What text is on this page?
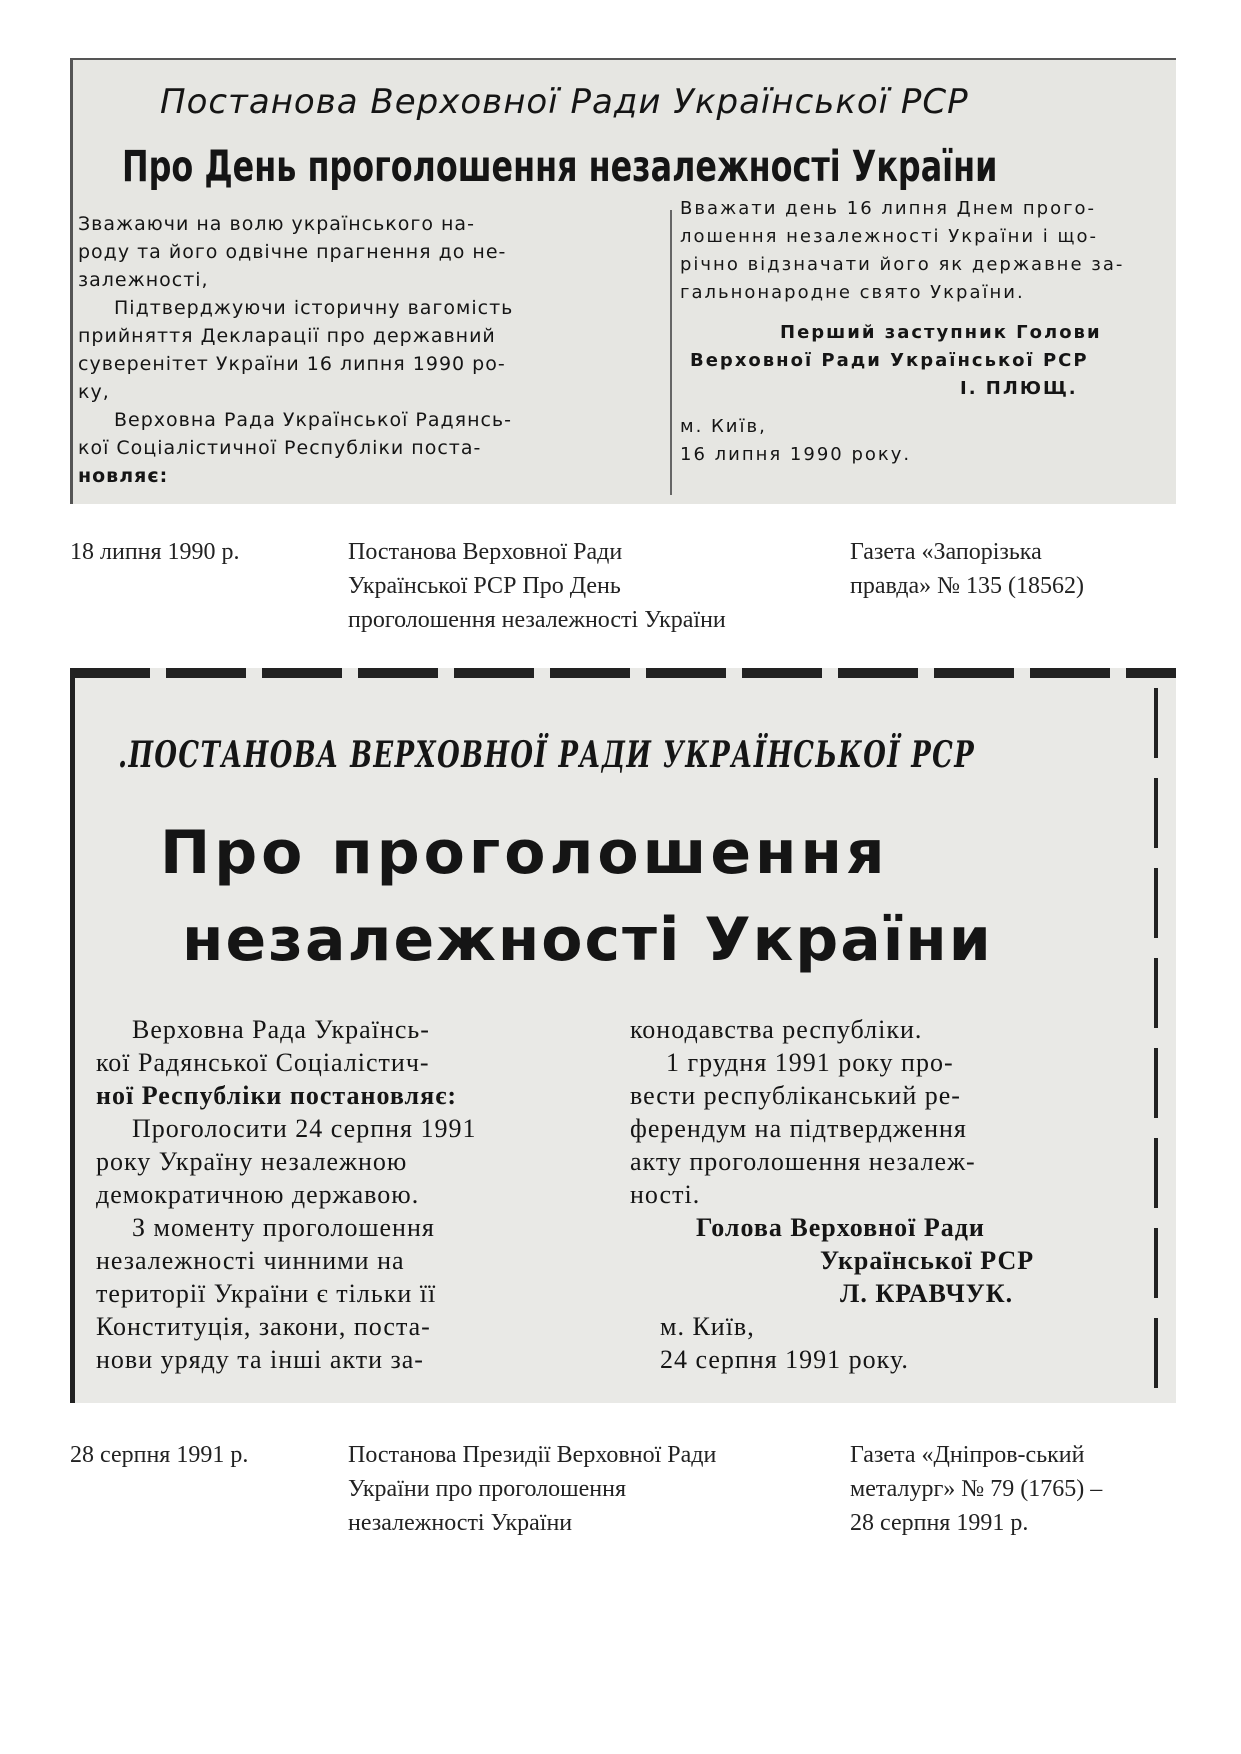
Постанова Верховної Ради Української РСР
Про День проголошення незалежності України

Зважаючи на волю українського на-

роду та його одвічне прагнення до не-

залежності,

Підтверджуючи історичну вагомість

прийняття Декларації про державний

суверенітет України 16 липня 1990 ро-

ку,

Верховна Рада Української Радянсь-

кої Соціалістичної Республіки поста-

новляє:

Вважати день 16 липня Днем прого-

лошення незалежності України і що-

річно відзначати його як державне за-

гальнонародне свято України.

Перший заступник Голови

Верховної Ради Української РСР

І. ПЛЮЩ.

м. Київ,

16 липня 1990 року.

18 липня 1990 р.	Постанова Верховної Ради

Української РСР Про День

проголошення незалежності України

Газета «Запорізька

правда» № 135 (18562)

.ПОСТАНОВА ВЕРХОВНОЇ РАДИ УКРАЇНСЬКОЇ РСР
Про проголошення
незалежності України

Верховна Рада Українсь-

кої Радянської Соціалістич-

ної Республіки постановляє:

Проголосити 24 серпня 1991

року Україну незалежною

демократичною державою.

З моменту проголошення

незалежності чинними на

території України є тільки її

Конституція, закони, поста-

нови уряду та інші акти за-

конодавства республіки.

1 грудня 1991 року про-

вести республіканський ре-

ферендум на підтвердження

акту проголошення незалеж-

ності.

Голова Верховної Ради

Української РСР

Л. КРАВЧУК.

м. Київ,

24 серпня 1991 року.

28 серпня 1991 р.	Постанова Президії Верховної Ради

України про проголошення

незалежності України

Газета «Дніпров-ський

металург» № 79 (1765) –

28 серпня 1991 р.
